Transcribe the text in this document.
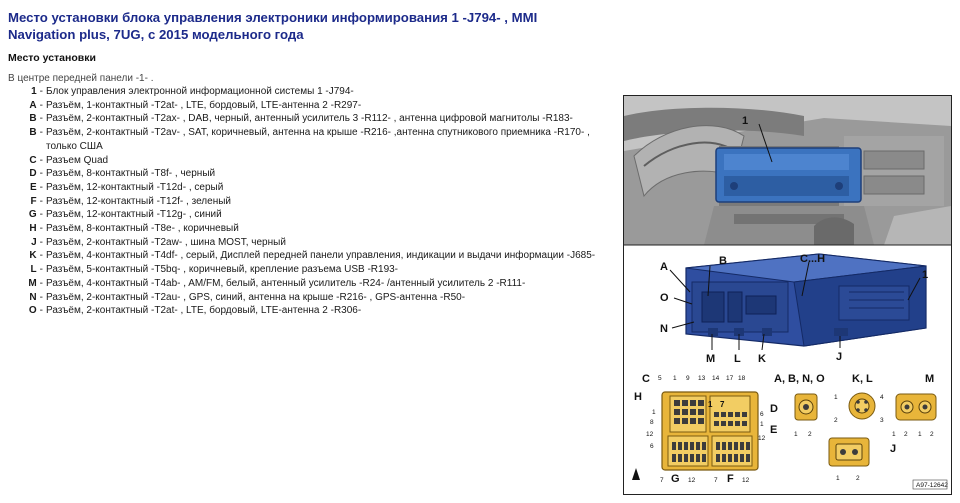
Место установки блока управления электроники информирования 1 -J794- , MMI Navigation plus, 7UG, с 2015 модельного года
Место установки
В центре передней панели -1- .
1 - Блок управления электронной информационной системы 1 -J794-
A - Разъём, 1-контактный -T2at- , LTE, бордовый, LTE-антенна 2 -R297-
B - Разъём, 2-контактный -T2ax- , DAB, черный, антенный усилитель 3 -R112- , антенна цифровой магнитолы -R183-
B - Разъём, 2-контактный -T2av- , SAT, коричневый, антенна на крыше -R216- ,антенна спутникового приемника -R170- , только США
C - Разъем Quad
D - Разъём, 8-контактный -T8f- , черный
E - Разъём, 12-контактный -T12d- , серый
F - Разъём, 12-контактный -T12f- , зеленый
G - Разъём, 12-контактный -T12g- , синий
H - Разъём, 8-контактный -T8e- , коричневый
J - Разъём, 2-контактный -T2aw- , шина MOST, черный
K - Разъём, 4-контактный -T4df- , серый, Дисплей передней панели управления, индикации и выдачи информации -J685-
L - Разъём, 5-контактный -T5bq- , коричневый, крепление разъема USB -R193-
M - Разъём, 4-контактный -T4ab- , AM/FM, белый, антенный усилитель -R24- /антенный усилитель 2 -R111-
N - Разъём, 2-контактный -T2au- , GPS, синий, антенна на крыше -R216- , GPS-антенна -R50-
O - Разъём, 2-контактный -T2at- , LTE, бордовый, LTE-антенна 2 -R306-
1
A	B	C...H
1
O
N
M L K	J
C
H
D
E
F
G
5 1 9 13 14 17 18
1
8
12
6
6
1
12
7	12	7	12
1 7
A, B, N, O
1 2
K, L
1
2
4
3
M
1 2 1 2
J
1	2
A97-12642
